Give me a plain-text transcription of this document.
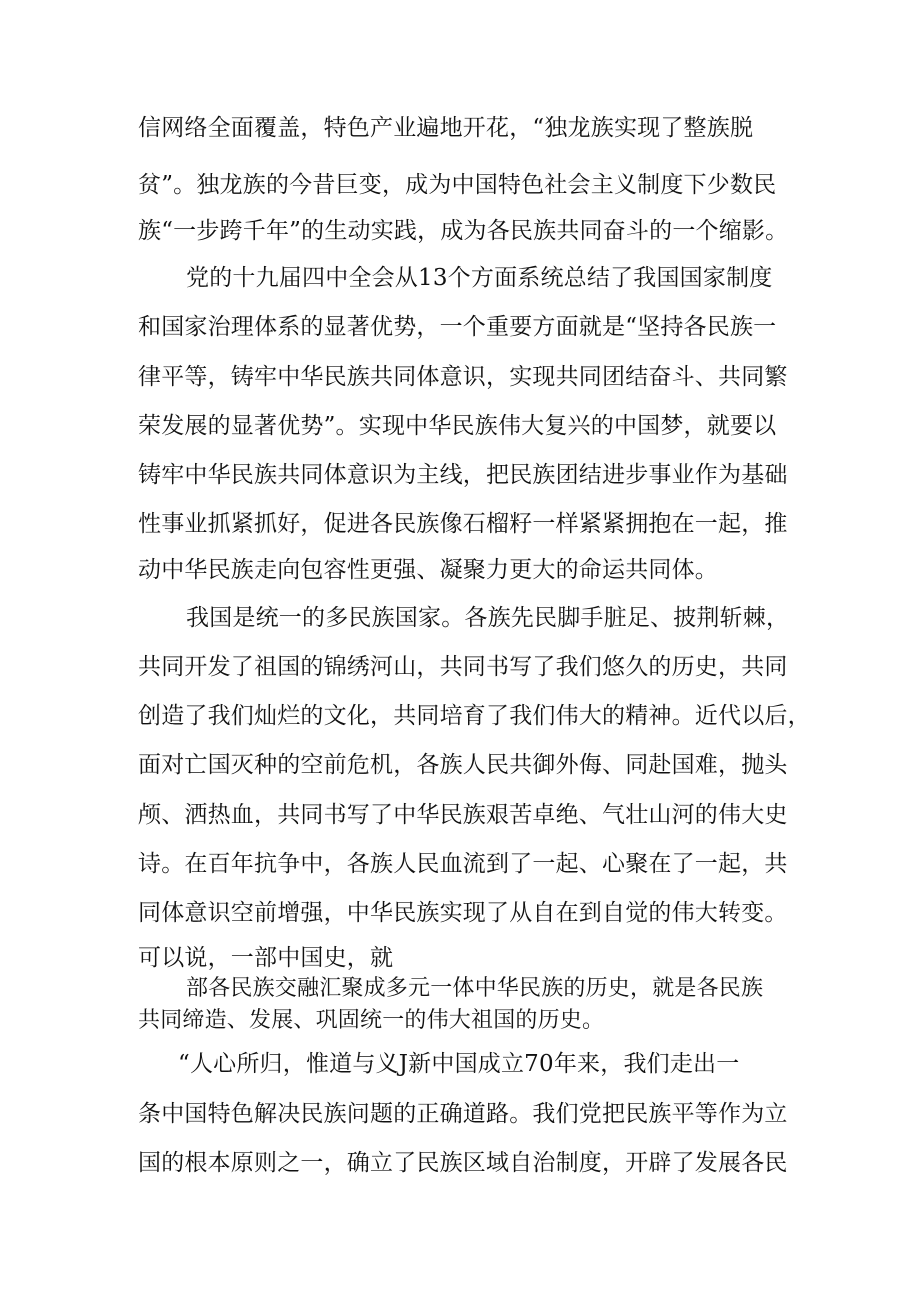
信网络全面覆盖，特色产业遍地开花，“独龙族实现了整族脱
贫”。独龙族的今昔巨变，成为中国特色社会主义制度下少数民
族“一步跨千年”的生动实践，成为各民族共同奋斗的一个缩影。
党的十九届四中全会从13个方面系统总结了我国国家制度
和国家治理体系的显著优势，一个重要方面就是“坚持各民族一
律平等，铸牢中华民族共同体意识，实现共同团结奋斗、共同繁
荣发展的显著优势”。实现中华民族伟大复兴的中国梦，就要以
铸牢中华民族共同体意识为主线，把民族团结进步事业作为基础
性事业抓紧抓好，促进各民族像石榴籽一样紧紧拥抱在一起，推
动中华民族走向包容性更强、凝聚力更大的命运共同体。
我国是统一的多民族国家。各族先民脚手脏足、披荆斩棘，
共同开发了祖国的锦绣河山，共同书写了我们悠久的历史，共同
创造了我们灿烂的文化，共同培育了我们伟大的精神。近代以后，
面对亡国灭种的空前危机，各族人民共御外侮、同赴国难，抛头
颅、洒热血，共同书写了中华民族艰苦卓绝、气壮山河的伟大史
诗。在百年抗争中，各族人民血流到了一起、心聚在了一起，共
同体意识空前增强，中华民族实现了从自在到自觉的伟大转变。
可以说，一部中国史，就
部各民族交融汇聚成多元一体中华民族的历史，就是各民族
共同缔造、发展、巩固统一的伟大祖国的历史。
“人心所归，惟道与义J新中国成立70年来，我们走出一
条中国特色解决民族问题的正确道路。我们党把民族平等作为立
国的根本原则之一，确立了民族区域自治制度，开辟了发展各民
